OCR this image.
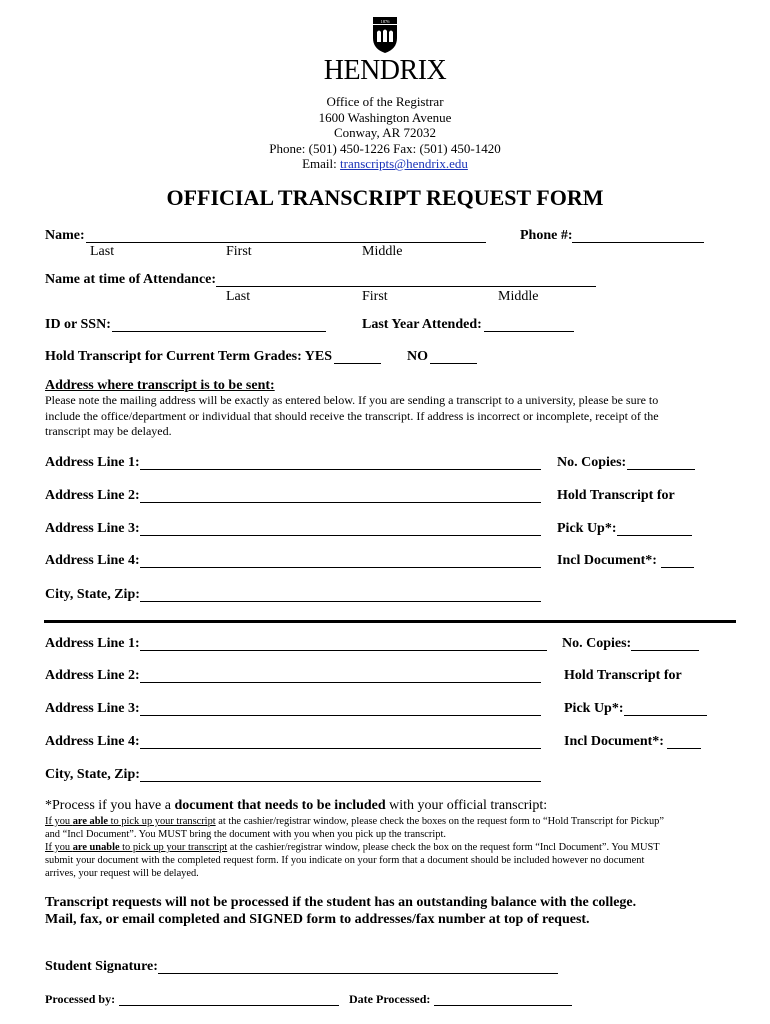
1876
HENDRIX
Office of the Registrar
1600 Washington Avenue
Conway, AR 72032
Phone: (501) 450-1226 Fax: (501) 450-1420
Email: transcripts@hendrix.edu
OFFICIAL TRANSCRIPT REQUEST FORM
Name:	Phone #:
Last	First	Middle
Name at time of Attendance:
Last	First	Middle
ID or SSN:	Last Year Attended:
Hold Transcript for Current Term Grades: YES	NO
Address where transcript is to be sent:
Please note the mailing address will be exactly as entered below. If you are sending a transcript to a university, please be sure to
include the office/department or individual that should receive the transcript. If address is incorrect or incomplete, receipt of the
transcript may be delayed.
Address Line 1:	No. Copies:
Address Line 2:	Hold Transcript for
Address Line 3:	Pick Up*:
Address Line 4:	Incl Document*:
City, State, Zip:
Address Line 1:	No. Copies:
Address Line 2:	Hold Transcript for
Address Line 3:	Pick Up*:
Address Line 4:	Incl Document*:
City, State, Zip:
*Process if you have a document that needs to be included with your official transcript:
If you are able to pick up your transcript at the cashier/registrar window, please check the boxes on the request form to “Hold Transcript for Pickup”
and “Incl Document”. You MUST bring the document with you when you pick up the transcript.
If you are unable to pick up your transcript at the cashier/registrar window, please check the box on the request form “Incl Document”. You MUST
submit your document with the completed request form. If you indicate on your form that a document should be included however no document
arrives, your request will be delayed.
Transcript requests will not be processed if the student has an outstanding balance with the college.
Mail, fax, or email completed and SIGNED form to addresses/fax number at top of request.
Student Signature:
Processed by:	Date Processed:
